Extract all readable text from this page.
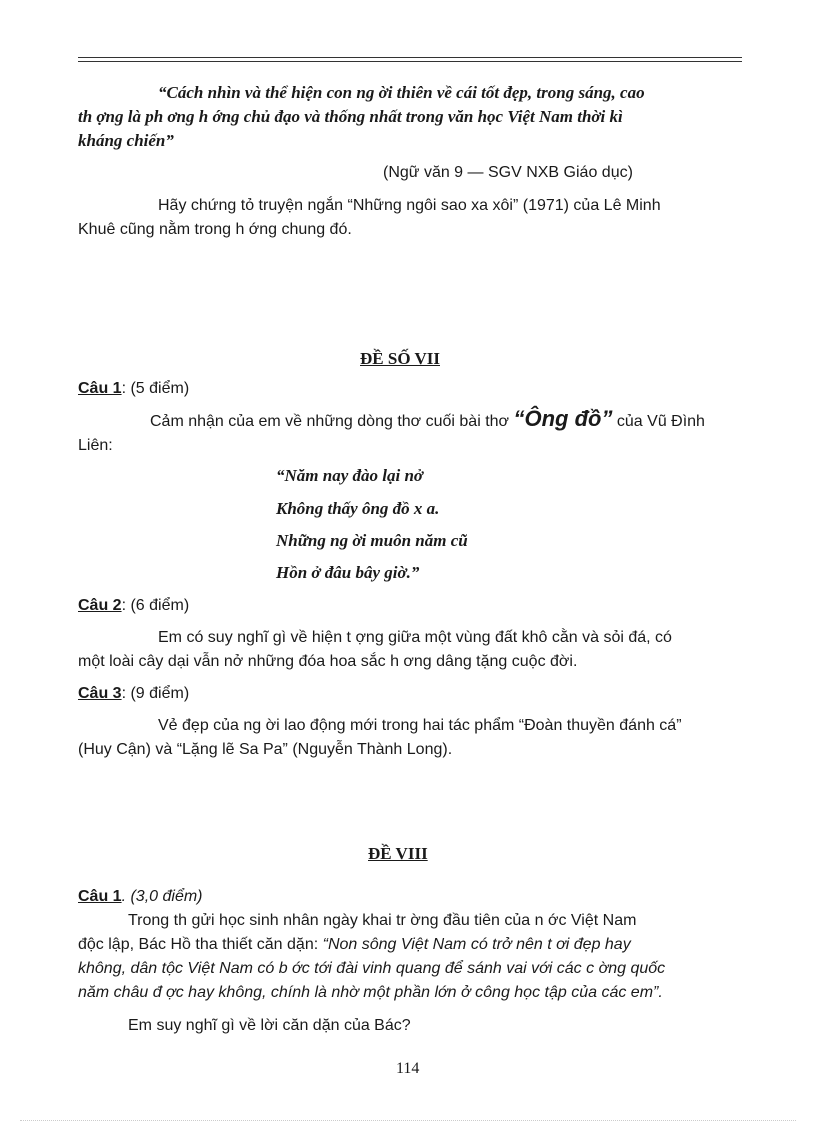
“Cách nhìn và thể hiện con ng ời thiên về cái tốt đẹp, trong sáng, cao
th ợng là ph ơng h ớng chủ đạo và thống nhất trong văn học Việt Nam thời kì
kháng chiến”
(Ngữ văn 9 — SGV NXB Giáo dục)
Hãy chứng tỏ truyện ngắn “Những ngôi sao xa xôi” (1971) của Lê Minh
Khuê cũng nằm trong h ớng chung đó.
ĐỀ SỐ VII
Câu 1: (5 điểm)
Cảm nhận của em về những dòng thơ cuối bài thơ “Ông đồ” của Vũ Đình
Liên:
“Năm nay đào lại nở
Không thấy ông đồ x a.
Những ng ời muôn năm cũ
Hồn ở đâu bây giờ.”
Câu 2: (6 điểm)
Em có suy nghĩ gì về hiện t ợng giữa một vùng đất khô cằn và sỏi đá, có
một loài cây dại vẫn nở những đóa hoa sắc h ơng dâng tặng cuộc đời.
Câu 3: (9 điểm)
Vẻ đẹp của ng ời lao động mới trong hai tác phẩm “Đoàn thuyền đánh cá”
(Huy Cận) và “Lặng lẽ Sa Pa” (Nguyễn Thành Long).
ĐỀ VIII
Câu 1. (3,0 điểm)
Trong th gửi học sinh nhân ngày khai tr ờng đầu tiên của n ớc Việt Nam
độc lập, Bác Hồ tha thiết căn dặn: “Non sông Việt Nam có trở nên t ơi đẹp hay
không, dân tộc Việt Nam có b ớc tới đài vinh quang để sánh vai với các c ờng quốc
năm châu đ ợc hay không, chính là nhờ một phần lớn ở công học tập của các em”.
Em suy nghĩ gì về lời căn dặn của Bác?
114
